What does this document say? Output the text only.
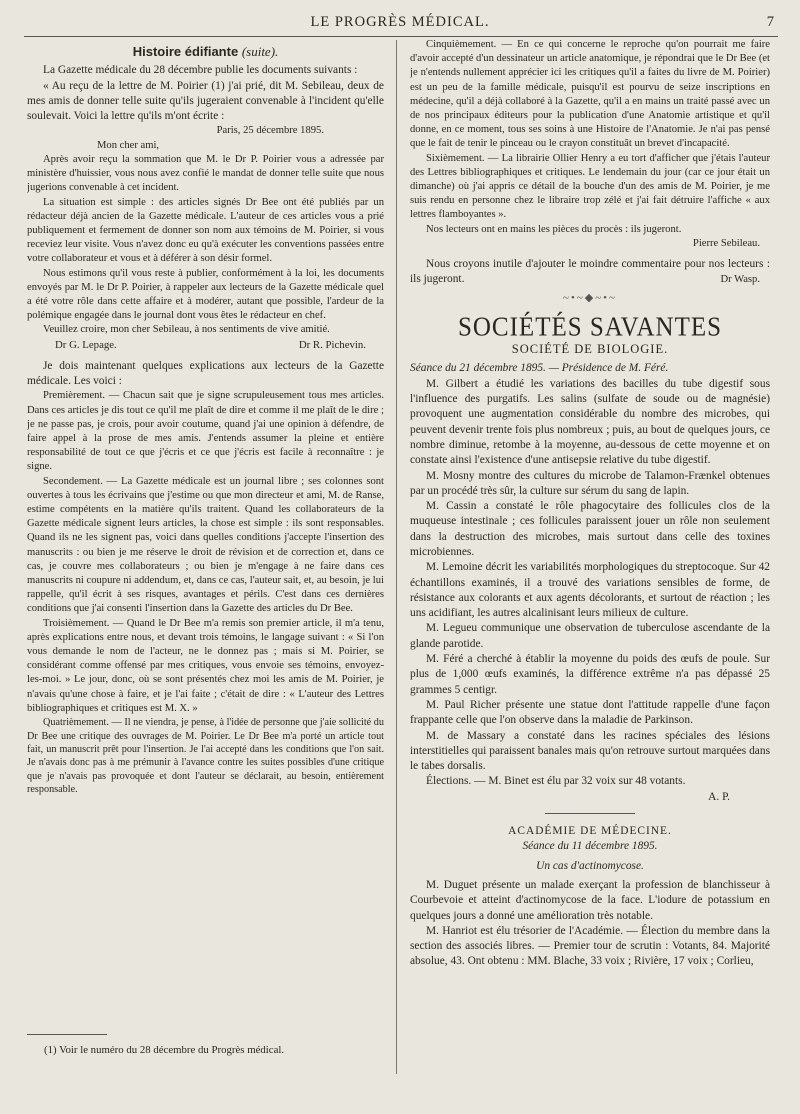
LE PROGRÈS MÉDICAL.	7
Histoire édifiante (suite).

La Gazette médicale du 28 décembre publie les documents suivants :

« Au reçu de la lettre de M. Poirier (1) j'ai prié, dit M. Sebileau, deux de mes amis de donner telle suite qu'ils jugeraient convenable à l'incident qu'elle soulevait. Voici la lettre qu'ils m'ont écrite :

Paris, 25 décembre 1895.

Mon cher ami,

Après avoir reçu la sommation que M. le Dr P. Poirier vous a adressée par ministère d'huissier, vous nous avez confié le mandat de donner telle suite que nous jugerions convenable à cet incident.

La situation est simple : des articles signés Dr Bee ont été publiés par un rédacteur déjà ancien de la Gazette médicale. L'auteur de ces articles vous a prié publiquement et fermement de donner son nom aux témoins de M. Poirier, si vous receviez leur visite. Vous n'avez donc eu qu'à exécuter les conventions passées entre votre collaborateur et vous et à déférer à son désir formel.

Nous estimons qu'il vous reste à publier, conformément à la loi, les documents envoyés par M. le Dr P. Poirier, à rappeler aux lecteurs de la Gazette médicale quel a été votre rôle dans cette affaire et à modérer, autant que possible, l'ardeur de la polémique engagée dans le journal dont vous êtes le rédacteur en chef.

Veuillez croire, mon cher Sebileau, à nos sentiments de vive amitié.

Dr G. Lepage.	Dr R. Pichevin.

Je dois maintenant quelques explications aux lecteurs de la Gazette médicale. Les voici :

Premièrement. — Chacun sait que je signe scrupuleusement tous mes articles. Dans ces articles je dis tout ce qu'il me plaît de dire et comme il me plaît de le dire ; je ne passe pas, je crois, pour avoir coutume, quand j'ai une opinion à défendre, de faire appel à la prose de mes amis. J'entends assumer la pleine et entière responsabilité de tout ce que j'écris et ce que j'écris est facile à reconnaître : je signe.

Secondement. — La Gazette médicale est un journal libre ; ses colonnes sont ouvertes à tous les écrivains que j'estime ou que mon directeur et ami, M. de Ranse, estime compétents en la matière qu'ils traitent. Quand les collaborateurs de la Gazette médicale signent leurs articles, la chose est simple : ils sont responsables. Quand ils ne les signent pas, voici dans quelles conditions j'accepte l'insertion des manuscrits : ou bien je me réserve le droit de révision et de correction et, dans ce cas, je couvre mes collaborateurs ; ou bien je m'engage à ne faire dans ces manuscrits ni coupure ni addendum, et, dans ce cas, l'auteur sait, et, au besoin, je lui rappelle, qu'il écrit à ses risques, avantages et périls. C'est dans ces dernières conditions que j'ai consenti l'insertion dans la Gazette des articles du Dr Bee.

Troisièmement. — Quand le Dr Bee m'a remis son premier article, il m'a tenu, après explications entre nous, et devant trois témoins, le langage suivant : « Si l'on vous demande le nom de l'acteur, ne le donnez pas ; mais si M. Poirier, se considérant comme offensé par mes critiques, vous envoie ses témoins, envoyez-les-moi. » Le jour, donc, où se sont présentés chez moi les amis de M. Poirier, je n'avais qu'une chose à faire, et je l'ai faite ; c'était de dire : « L'auteur des Lettres bibliographiques et critiques est M. X. »

Quatrièmement. — Il ne viendra, je pense, à l'idée de personne que j'aie sollicité du Dr Bee une critique des ouvrages de M. Poirier. Le Dr Bee m'a porté un article tout fait, un manuscrit prêt pour l'insertion. Je l'ai accepté dans les conditions que l'on sait. Je n'avais donc pas à me prémunir à l'avance contre les suites possibles d'une critique que je n'avais pas provoquée et dont l'auteur se déclarait, au besoin, entièrement responsable.

(1) Voir le numéro du 28 décembre du Progrès médical.

Cinquièmement. — En ce qui concerne le reproche qu'on pourrait me faire d'avoir accepté d'un dessinateur un article anatomique, je répondrai que le Dr Bee (et je n'entends nullement apprécier ici les critiques qu'il a faites du livre de M. Poirier) est un peu de la famille médicale, puisqu'il est pourvu de seize inscriptions en médecine, qu'il a déjà collaboré à la Gazette, qu'il a en mains un traité passé avec un de nos principaux éditeurs pour la publication d'une Anatomie artistique et qu'il donne, en ce moment, tous ses soins à une Histoire de l'Anatomie. Je n'ai pas pensé que le fait de tenir le pinceau ou le crayon constituât un brevet d'incapacité.

Sixièmement. — La librairie Ollier Henry a eu tort d'afficher que j'étais l'auteur des Lettres bibliographiques et critiques. Le lendemain du jour (car ce jour était un dimanche) où j'ai appris ce détail de la bouche d'un des amis de M. Poirier, je me suis rendu en personne chez le libraire trop zélé et j'ai fait détruire l'affiche « aux lettres flamboyantes ».

Nos lecteurs ont en mains les pièces du procès : ils jugeront.

Pierre Sebileau.

Nous croyons inutile d'ajouter le moindre commentaire pour nos lecteurs : ils jugeront.	Dr Wasp.

~•~◆~•~
SOCIÉTÉS SAVANTES
SOCIÉTÉ DE BIOLOGIE.

Séance du 21 décembre 1895. — Présidence de M. Féré.

M. Gilbert a étudié les variations des bacilles du tube digestif sous l'influence des purgatifs. Les salins (sulfate de soude ou de magnésie) provoquent une augmentation considérable du nombre des microbes, qui peuvent devenir trente fois plus nombreux ; puis, au bout de quelques jours, ce nombre diminue, retombe à la moyenne, au-dessous de cette moyenne et on constate ainsi l'existence d'une antisepsie relative du tube digestif.

M. Mosny montre des cultures du microbe de Talamon-Frænkel obtenues par un procédé très sûr, la culture sur sérum du sang de lapin.

M. Cassin a constaté le rôle phagocytaire des follicules clos de la muqueuse intestinale ; ces follicules paraissent jouer un rôle non seulement dans la destruction des microbes, mais surtout dans celle des toxines microbiennes.

M. Lemoine décrit les variabilités morphologiques du streptocoque. Sur 42 échantillons examinés, il a trouvé des variations sensibles de forme, de résistance aux colorants et aux agents décolorants, et surtout de réaction ; les uns acidifiant, les autres alcalinisant leurs milieux de culture.

M. Legueu communique une observation de tuberculose ascendante de la glande parotide.

M. Féré a cherché à établir la moyenne du poids des œufs de poule. Sur plus de 1,000 œufs examinés, la différence extrême n'a pas dépassé 25 grammes 5 centigr.

M. Paul Richer présente une statue dont l'attitude rappelle d'une façon frappante celle que l'on observe dans la maladie de Parkinson.

M. de Massary a constaté dans les racines spéciales des lésions interstitielles qui paraissent banales mais qu'on retrouve surtout marquées dans le tabes dorsalis.

Élections. — M. Binet est élu par 32 voix sur 48 votants.

A. P.

ACADÉMIE DE MÉDECINE.

Séance du 11 décembre 1895.

Un cas d'actinomycose.

M. Duguet présente un malade exerçant la profession de blanchisseur à Courbevoie et atteint d'actinomycose de la face. L'iodure de potassium en quelques jours a donné une amélioration très notable.

M. Hanriot est élu trésorier de l'Académie. — Élection du membre dans la section des associés libres. — Premier tour de scrutin : Votants, 84. Majorité absolue, 43. Ont obtenu : MM. Blache, 33 voix ; Rivière, 17 voix ; Corlieu,
